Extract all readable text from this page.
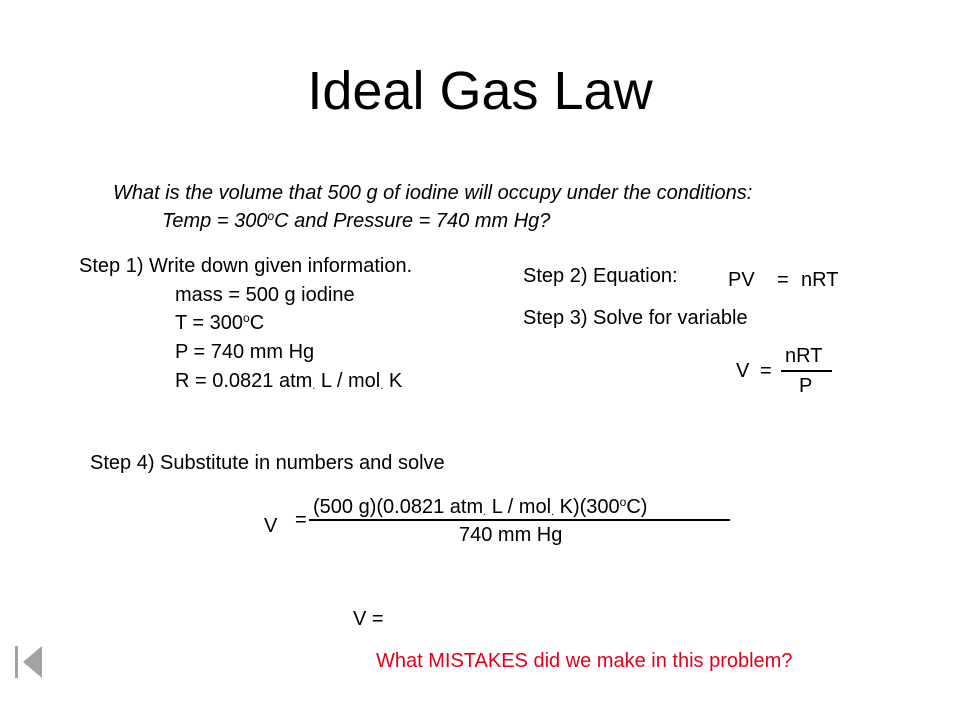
Ideal Gas Law
What is the volume that 500 g of iodine will occupy under the conditions:
Temp = $300^oC$ and Pressure = 740 mm Hg?
Step 1) Write down given information.
mass = 500 g iodine
$T = 300^oC$
P = 740 mm Hg
R = 0.0821 atm. L / mol. K
Step 2) Equation:	PV = nRT
Step 3) Solve for variable
V =
nRT
P
Step 4) Substitute in numbers and solve
V =
(500 g)(0.0821 atm. L / mol. K)(300$^o$C)
740 mm Hg
V =
What MISTAKES did we make in this problem?
